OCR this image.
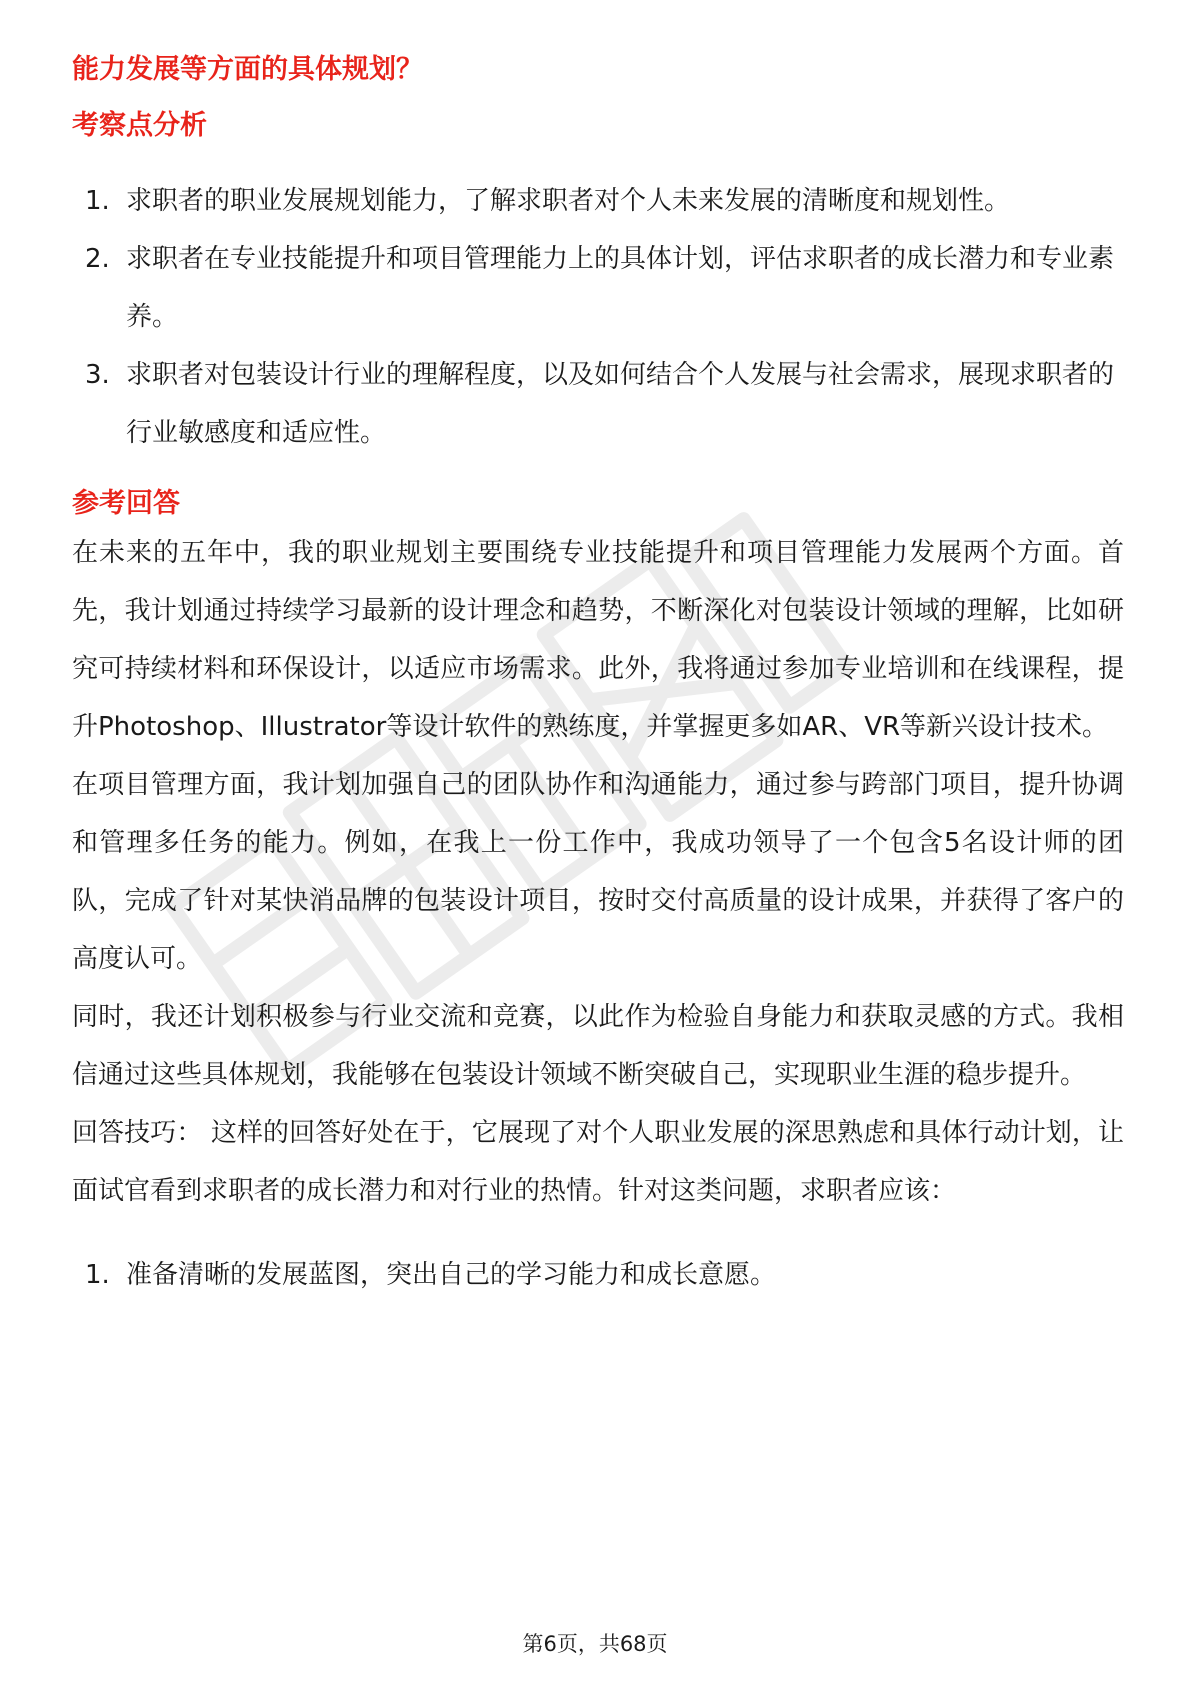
能力发展等方面的具体规划？
考察点分析
1. 求职者的职业发展规划能力，了解求职者对个人未来发展的清晰度和规划性。
2. 求职者在专业技能提升和项目管理能力上的具体计划，评估求职者的成长潜力和专业素养。
3. 求职者对包装设计行业的理解程度，以及如何结合个人发展与社会需求，展现求职者的行业敏感度和适应性。
参考回答

在未来的五年中，我的职业规划主要围绕专业技能提升和项目管理能力发展两个方面。首先，我计划通过持续学习最新的设计理念和趋势，不断深化对包装设计领域的理解，比如研究可持续材料和环保设计，以适应市场需求。此外，我将通过参加专业培训和在线课程，提升Photoshop、Illustrator等设计软件的熟练度，并掌握更多如AR、VR等新兴设计技术。

在项目管理方面，我计划加强自己的团队协作和沟通能力，通过参与跨部门项目，提升协调和管理多任务的能力。例如，在我上一份工作中，我成功领导了一个包含5名设计师的团队，完成了针对某快消品牌的包装设计项目，按时交付高质量的设计成果，并获得了客户的高度认可。

同时，我还计划积极参与行业交流和竞赛，以此作为检验自身能力和获取灵感的方式。我相信通过这些具体规划，我能够在包装设计领域不断突破自己，实现职业生涯的稳步提升。

回答技巧： 这样的回答好处在于，它展现了对个人职业发展的深思熟虑和具体行动计划，让面试官看到求职者的成长潜力和对行业的热情。针对这类问题，求职者应该：

1. 准备清晰的发展蓝图，突出自己的学习能力和成长意愿。
第6页，共68页
